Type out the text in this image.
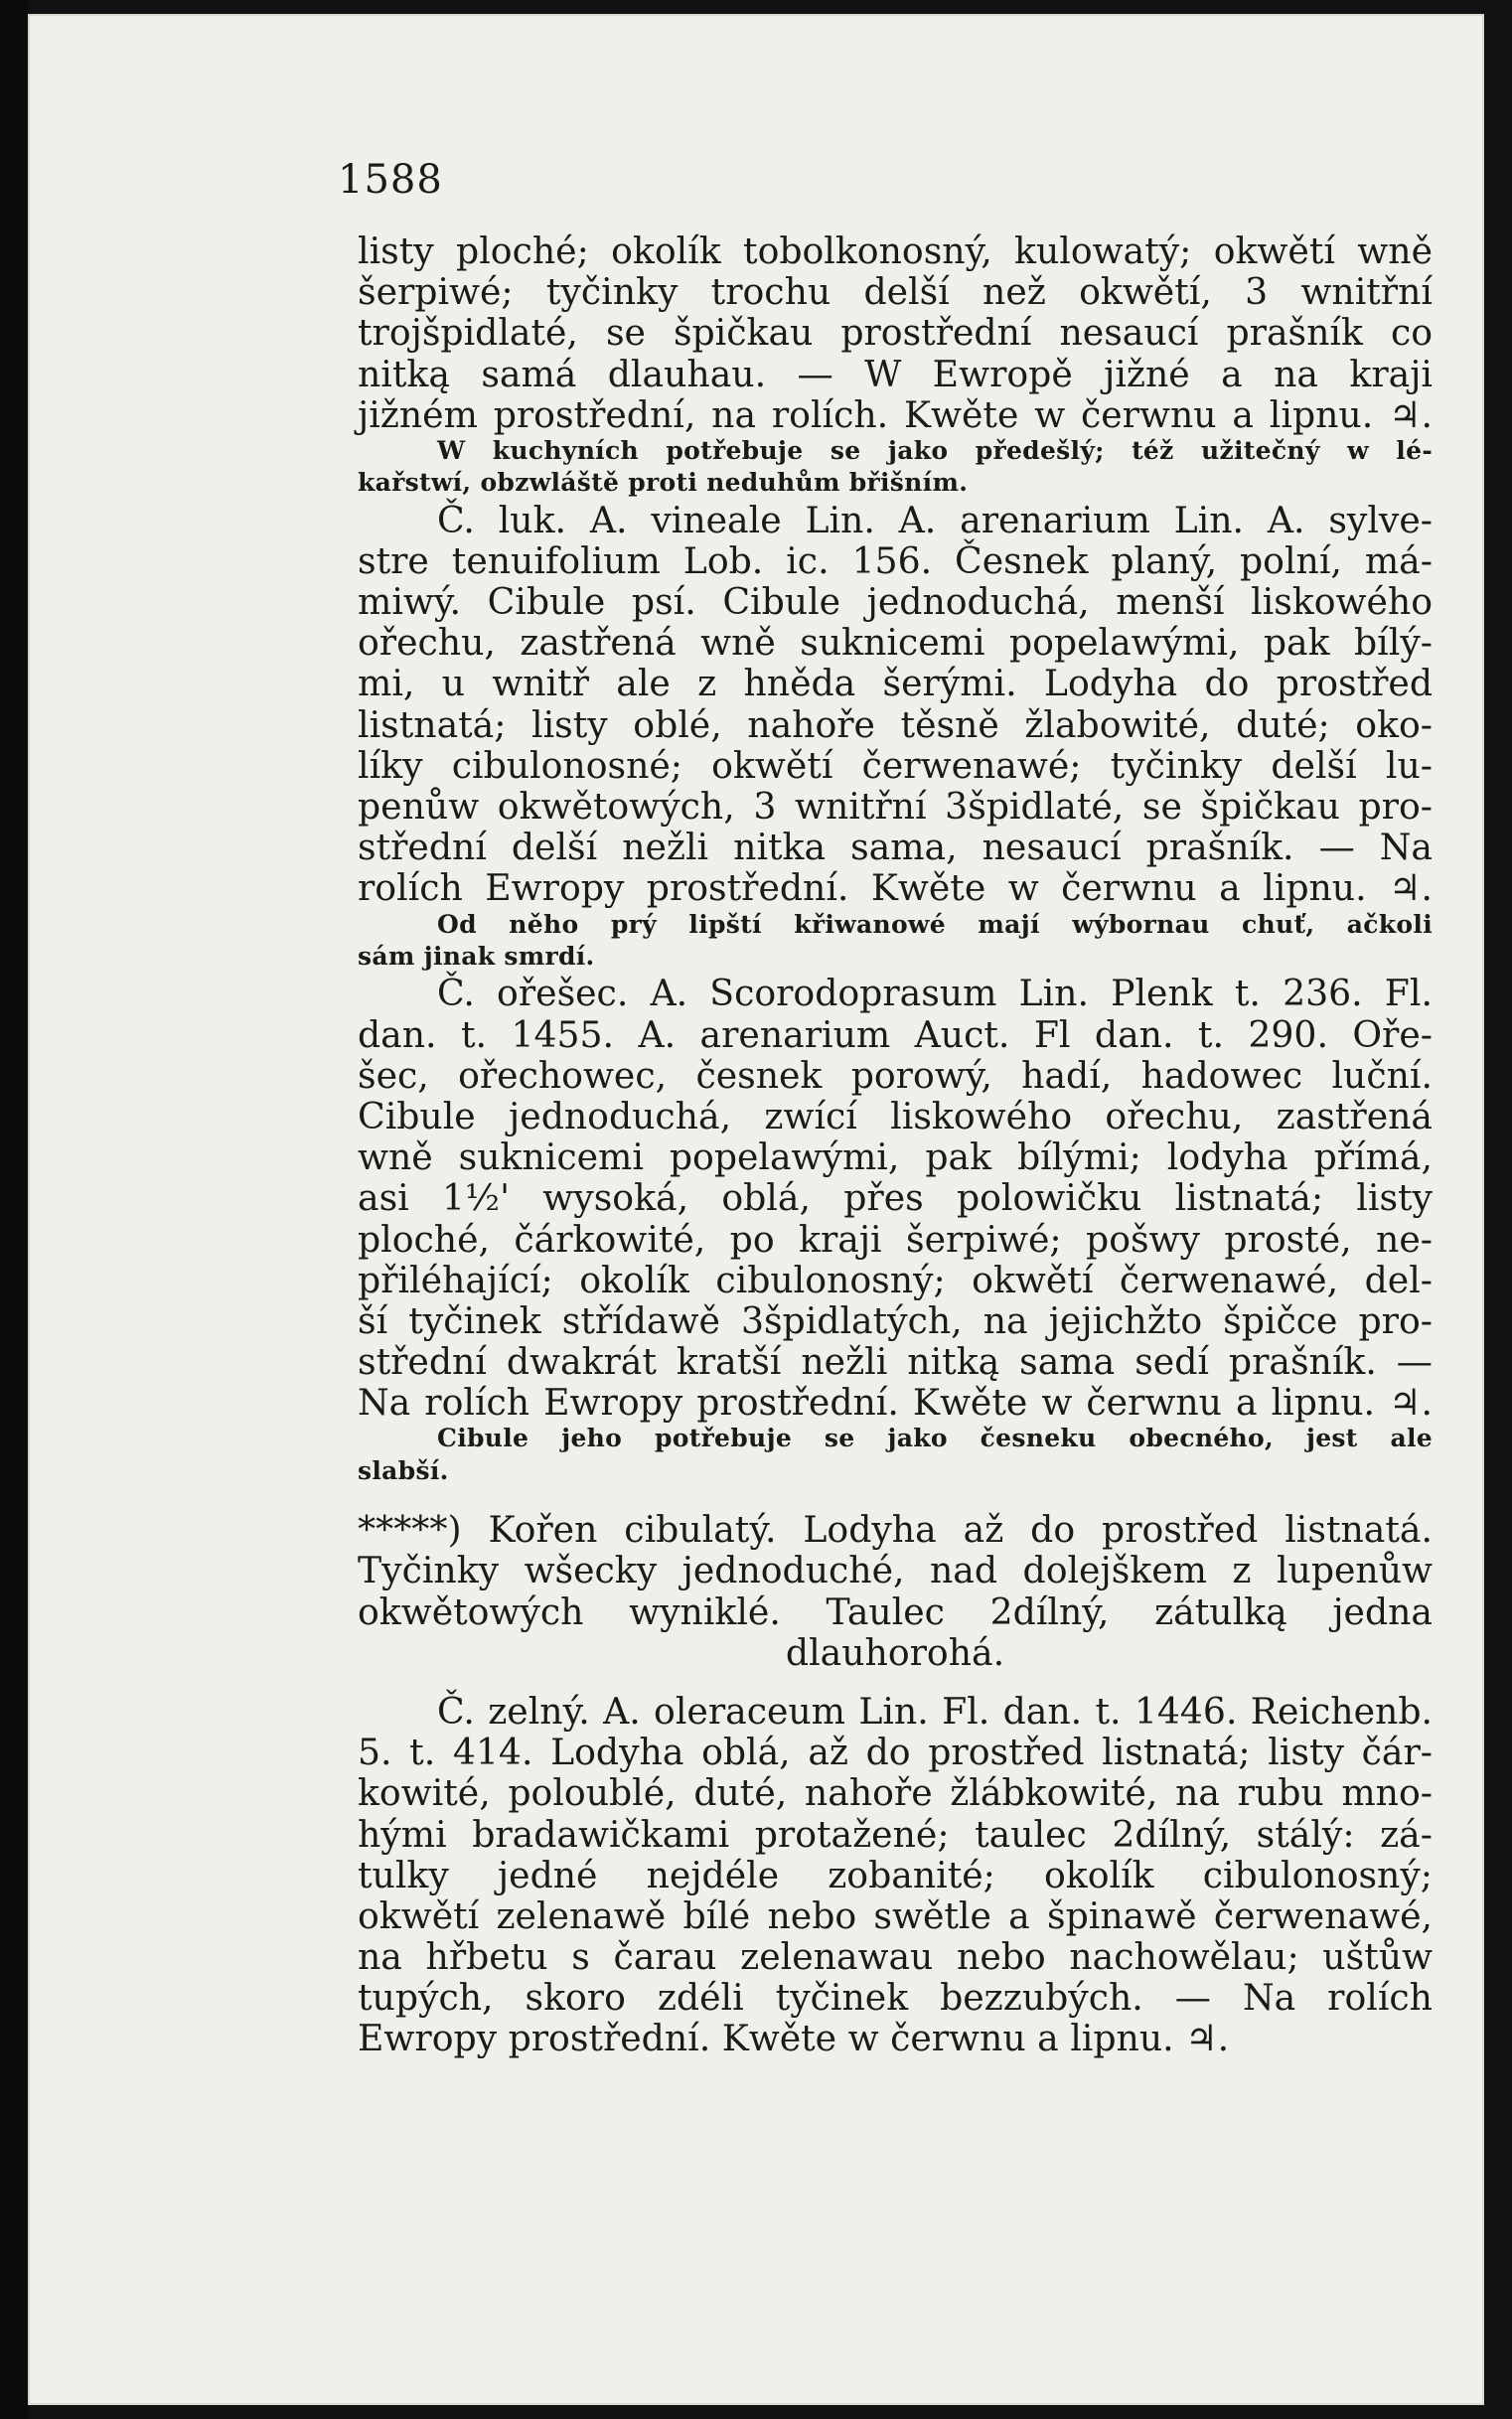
1588
listy ploché; okolík tobolkonosný, kulowatý; okwětí wně
šerpiwé; tyčinky trochu delší než okwětí, 3 wnitřní
trojšpidlaté, se špičkau prostřední nesaucí prašník co
nitką samá dlauhau. — W Ewropě jižné a na kraji
jižném prostřední, na rolích. Kwěte w čerwnu a lipnu. ♃.
W kuchyních potřebuje se jako předešlý; též užitečný w lé-
kařstwí, obzwláště proti neduhům břišním.
Č. luk. A. vineale Lin. A. arenarium Lin. A. sylve-
stre tenuifolium Lob. ic. 156. Česnek planý, polní, má-
miwý. Cibule psí. Cibule jednoduchá, menší liskowého
ořechu, zastřená wně suknicemi popelawými, pak bílý-
mi, u wnitř ale z hněda šerými. Lodyha do prostřed
listnatá; listy oblé, nahoře těsně žlabowité, duté; oko-
líky cibulonosné; okwětí čerwenawé; tyčinky delší lu-
penůw okwětowých, 3 wnitřní 3špidlaté, se špičkau pro-
střední delší nežli nitka sama, nesaucí prašník. — Na
rolích Ewropy prostřední. Kwěte w čerwnu a lipnu. ♃.
Od něho prý lipští křiwanowé mají wýbornau chuť, ačkoli
sám jinak smrdí.
Č. ořešec. A. Scorodoprasum Lin. Plenk t. 236. Fl.
dan. t. 1455. A. arenarium Auct. Fl dan. t. 290. Oře-
šec, ořechowec, česnek porowý, hadí, hadowec luční.
Cibule jednoduchá, zwící liskowého ořechu, zastřená
wně suknicemi popelawými, pak bílými; lodyha přímá,
asi 1½' wysoká, oblá, přes polowičku listnatá; listy
ploché, čárkowité, po kraji šerpiwé; pošwy prosté, ne-
přiléhající; okolík cibulonosný; okwětí čerwenawé, del-
ší tyčinek střídawě 3špidlatých, na jejichžto špičce pro-
střední dwakrát kratší nežli nitką sama sedí prašník. —
Na rolích Ewropy prostřední. Kwěte w čerwnu a lipnu. ♃.
Cibule jeho potřebuje se jako česneku obecného, jest ale
slabší.
*****) Kořen cibulatý. Lodyha až do prostřed listnatá.
Tyčinky wšecky jednoduché, nad dolejškem z lupenůw
okwětowých wyniklé. Taulec 2dílný, zátulką jedna
dlauhorohá.
Č. zelný. A. oleraceum Lin. Fl. dan. t. 1446. Reichenb.
5. t. 414. Lodyha oblá, až do prostřed listnatá; listy čár-
kowité, poloublé, duté, nahoře žlábkowité, na rubu mno-
hými bradawičkami protažené; taulec 2dílný, stálý: zá-
tulky jedné nejdéle zobanité; okolík cibulonosný;
okwětí zelenawě bílé nebo swětle a špinawě čerwenawé,
na hřbetu s čarau zelenawau nebo nachowělau; uštůw
tupých, skoro zdéli tyčinek bezzubých. — Na rolích
Ewropy prostřední. Kwěte w čerwnu a lipnu. ♃.
